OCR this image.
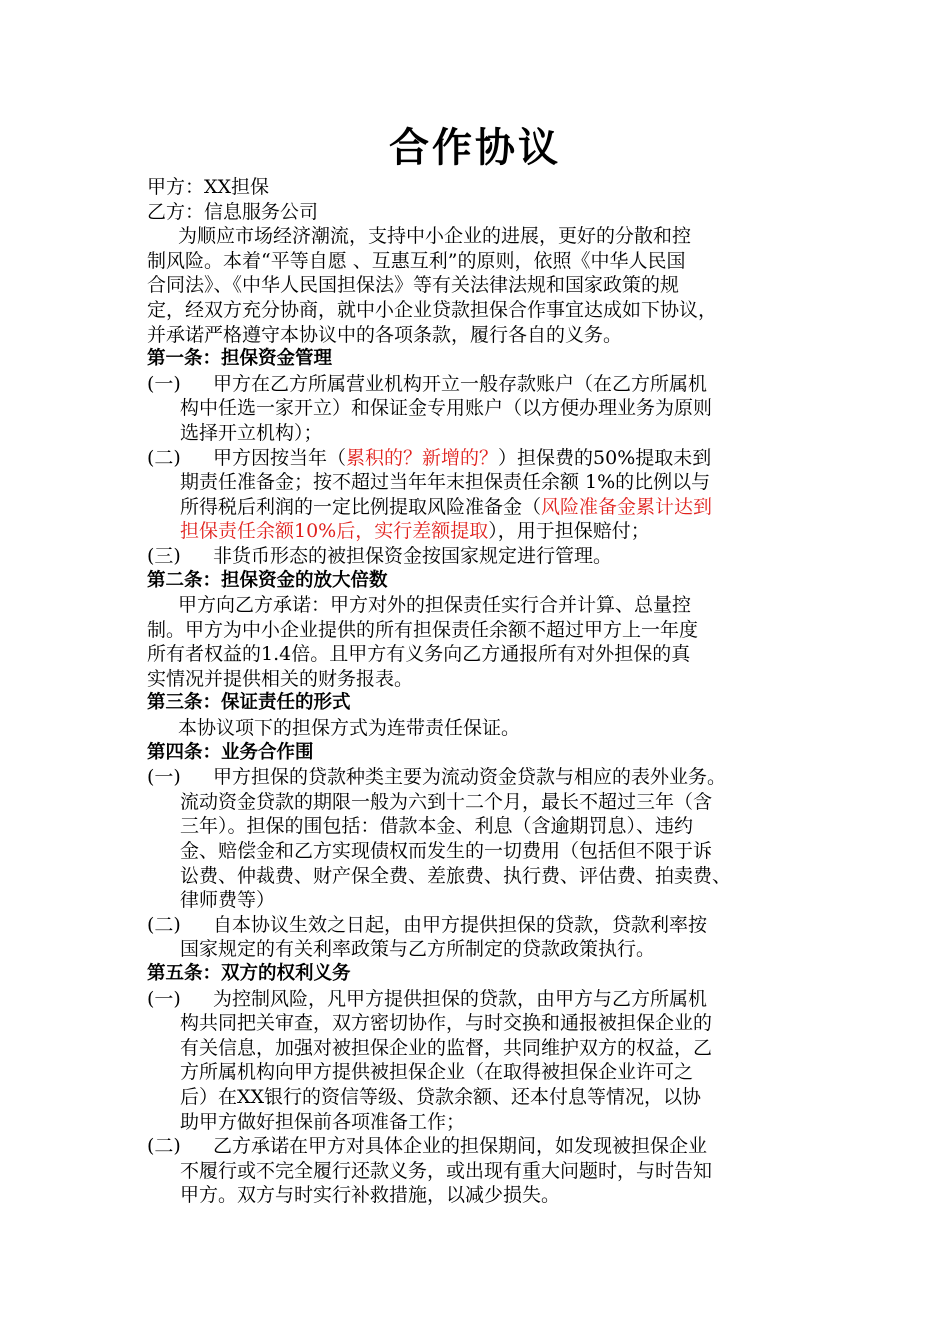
合作协议
甲方：XX担保
乙方：信息服务公司
为顺应市场经济潮流，支持中小企业的进展，更好的分散和控
制风险。本着“平等自愿 、互惠互利”的原则，依照《中华人民国
合同法》、《中华人民国担保法》等有关法律法规和国家政策的规
定，经双方充分协商，就中小企业贷款担保合作事宜达成如下协议，
并承诺严格遵守本协议中的各项条款，履行各自的义务。
第一条：担保资金管理
(一) 甲方在乙方所属营业机构开立一般存款账户（在乙方所属机
构中任选一家开立）和保证金专用账户（以方便办理业务为原则
选择开立机构）；
(二) 甲方因按当年（累积的？新增的？）担保费的50%提取未到
期责任准备金；按不超过当年年末担保责任余额 1%的比例以与
所得税后利润的一定比例提取风险准备金（风险准备金累计达到
担保责任余额10%后，实行差额提取），用于担保赔付；
(三) 非货币形态的被担保资金按国家规定进行管理。
第二条：担保资金的放大倍数
甲方向乙方承诺：甲方对外的担保责任实行合并计算、总量控
制。甲方为中小企业提供的所有担保责任余额不超过甲方上一年度
所有者权益的1.4倍。且甲方有义务向乙方通报所有对外担保的真
实情况并提供相关的财务报表。
第三条：保证责任的形式
本协议项下的担保方式为连带责任保证。
第四条：业务合作围
(一) 甲方担保的贷款种类主要为流动资金贷款与相应的表外业务。
流动资金贷款的期限一般为六到十二个月，最长不超过三年（含
三年）。担保的围包括：借款本金、利息（含逾期罚息）、违约
金、赔偿金和乙方实现债权而发生的一切费用（包括但不限于诉
讼费、仲裁费、财产保全费、差旅费、执行费、评估费、拍卖费、
律师费等）
(二) 自本协议生效之日起，由甲方提供担保的贷款，贷款利率按
国家规定的有关利率政策与乙方所制定的贷款政策执行。
第五条：双方的权利义务
(一) 为控制风险，凡甲方提供担保的贷款，由甲方与乙方所属机
构共同把关审查，双方密切协作，与时交换和通报被担保企业的
有关信息，加强对被担保企业的监督，共同维护双方的权益，乙
方所属机构向甲方提供被担保企业（在取得被担保企业许可之
后）在XX银行的资信等级、贷款余额、还本付息等情况，以协
助甲方做好担保前各项准备工作；
(二) 乙方承诺在甲方对具体企业的担保期间，如发现被担保企业
不履行或不完全履行还款义务，或出现有重大问题时，与时告知
甲方。双方与时实行补救措施，以减少损失。
